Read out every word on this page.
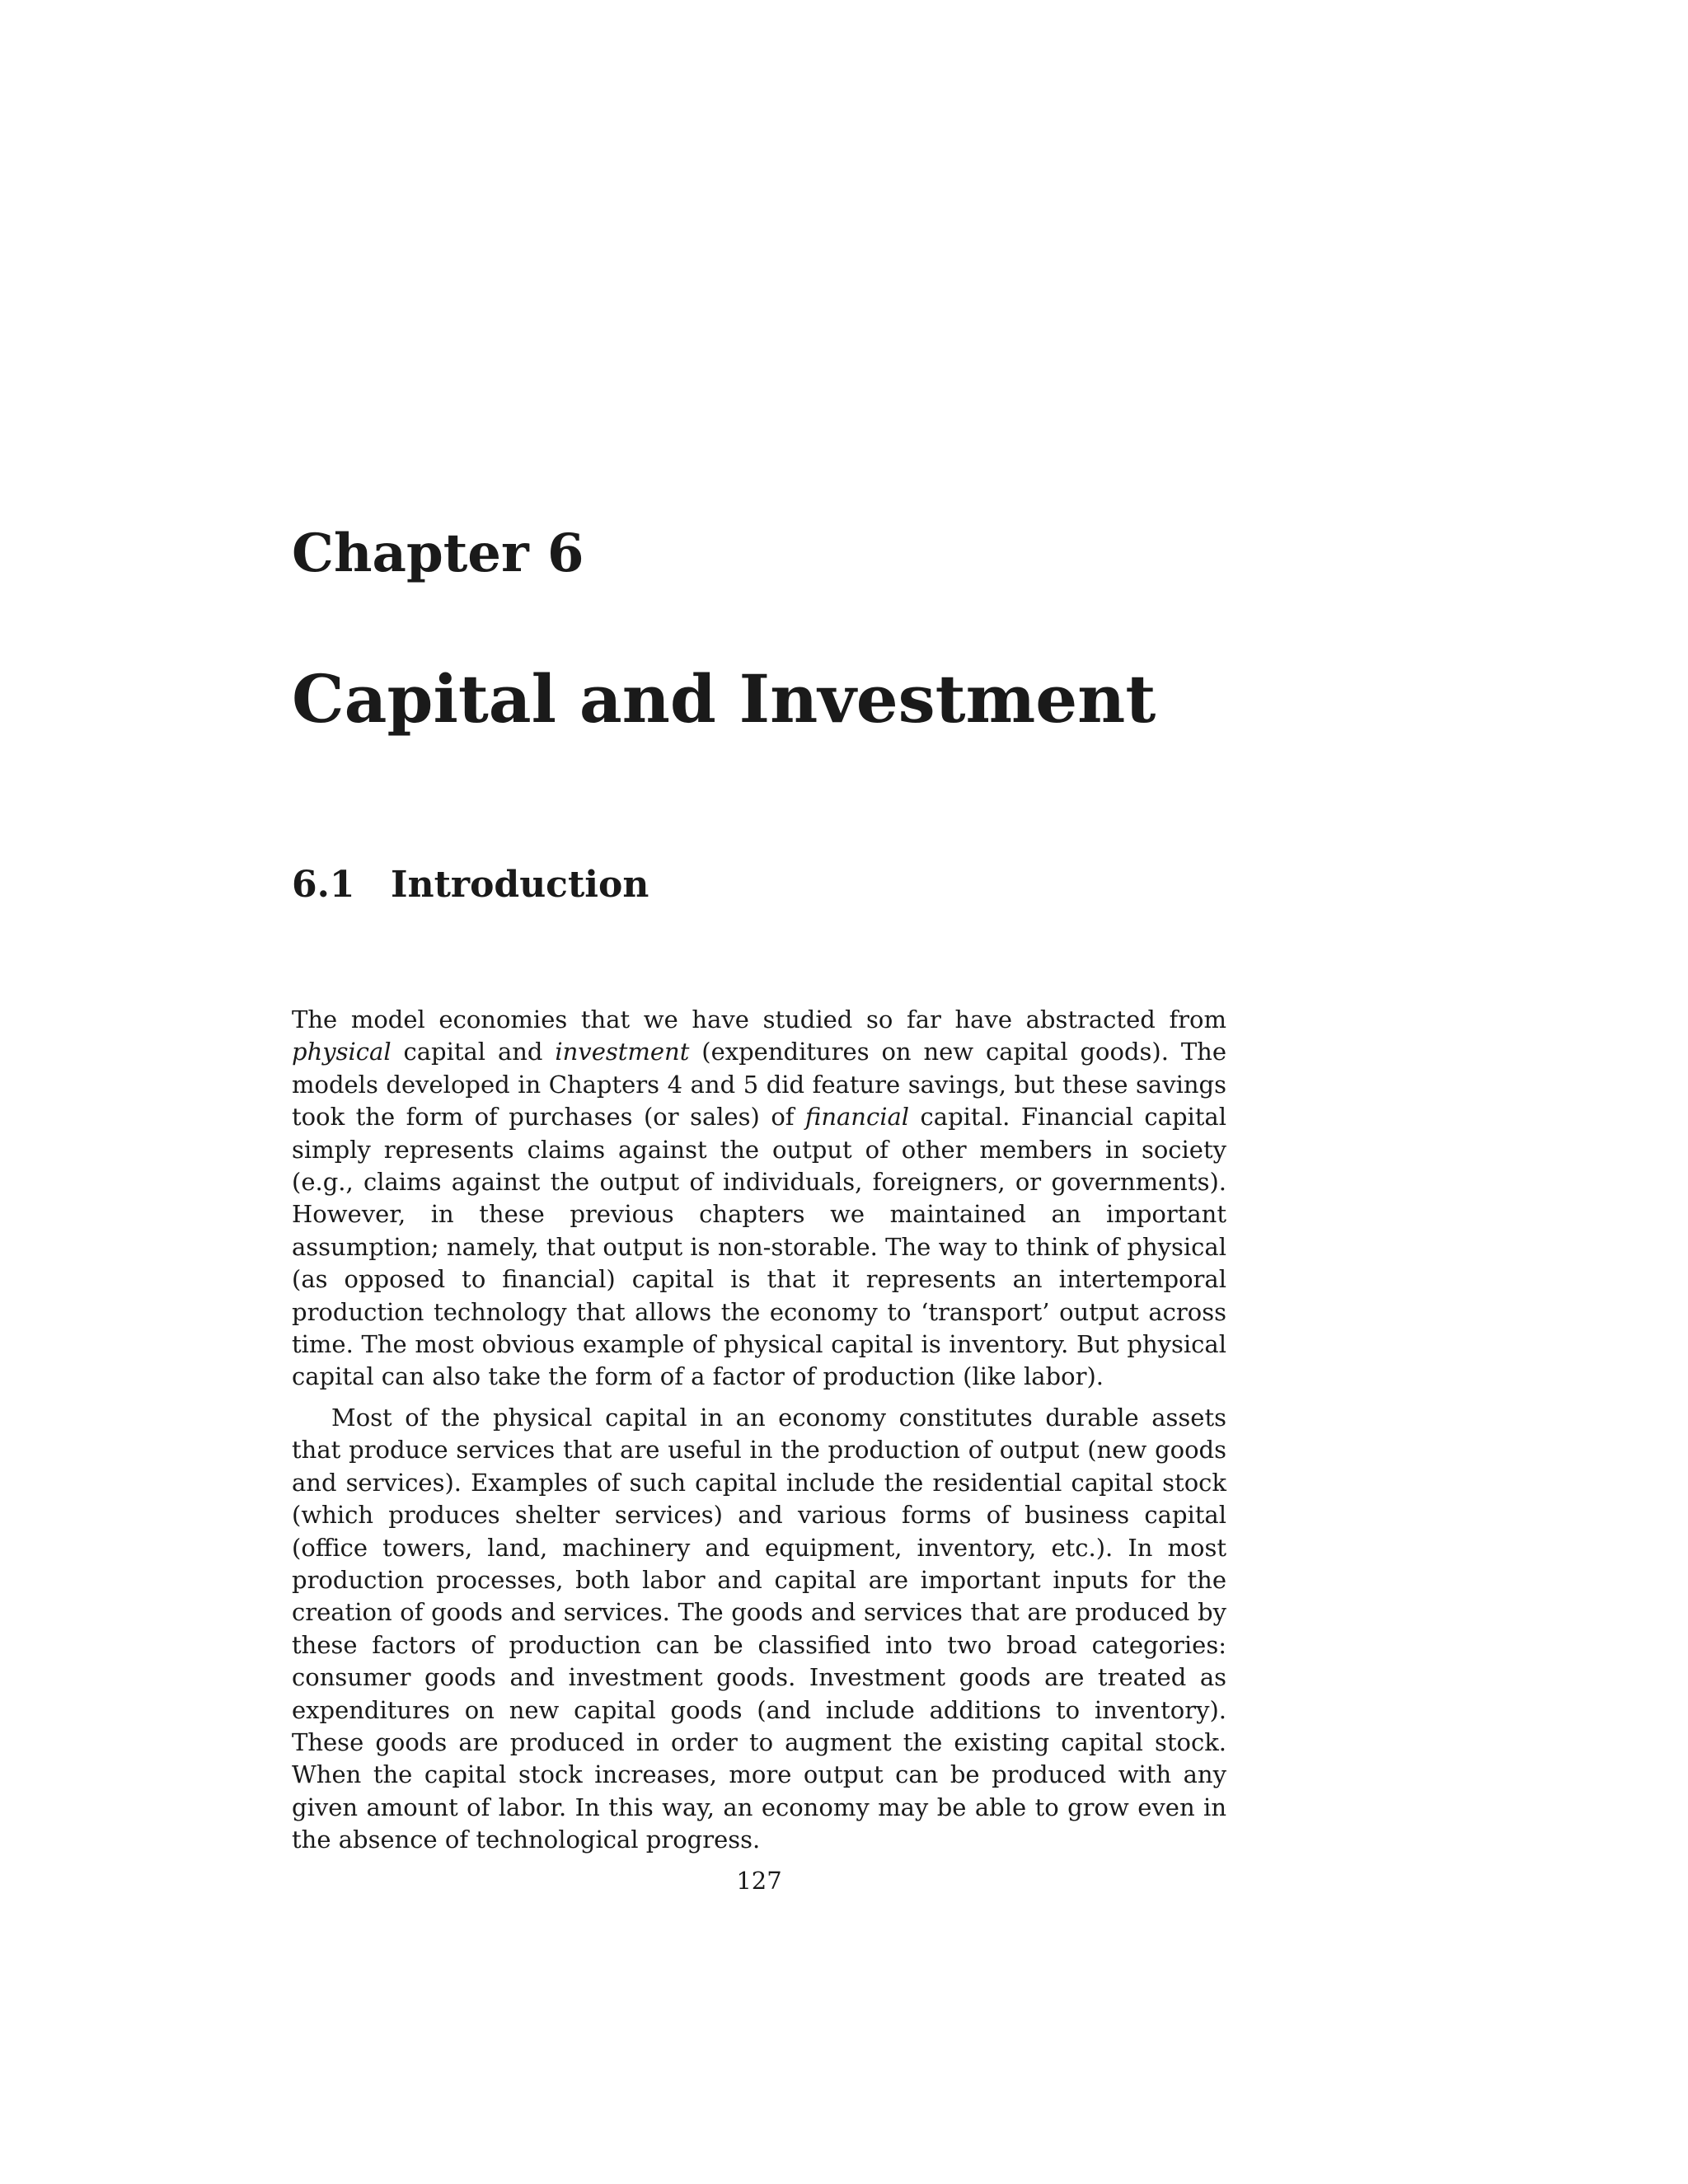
Chapter 6
Capital and Investment
6.1 Introduction

The model economies that we have studied so far have abstracted from physical capital and investment (expenditures on new capital goods). The models developed in Chapters 4 and 5 did feature savings, but these savings took the form of purchases (or sales) of financial capital. Financial capital simply represents claims against the output of other members in society (e.g., claims against the output of individuals, foreigners, or governments). However, in these previous chapters we maintained an important assumption; namely, that output is non-storable. The way to think of physical (as opposed to financial) capital is that it represents an intertemporal production technology that allows the economy to ‘transport’ output across time. The most obvious example of physical capital is inventory. But physical capital can also take the form of a factor of production (like labor).

Most of the physical capital in an economy constitutes durable assets that produce services that are useful in the production of output (new goods and services). Examples of such capital include the residential capital stock (which produces shelter services) and various forms of business capital (office towers, land, machinery and equipment, inventory, etc.). In most production processes, both labor and capital are important inputs for the creation of goods and services. The goods and services that are produced by these factors of production can be classified into two broad categories: consumer goods and investment goods. Investment goods are treated as expenditures on new capital goods (and include additions to inventory). These goods are produced in order to augment the existing capital stock. When the capital stock increases, more output can be produced with any given amount of labor. In this way, an economy may be able to grow even in the absence of technological progress.

127
